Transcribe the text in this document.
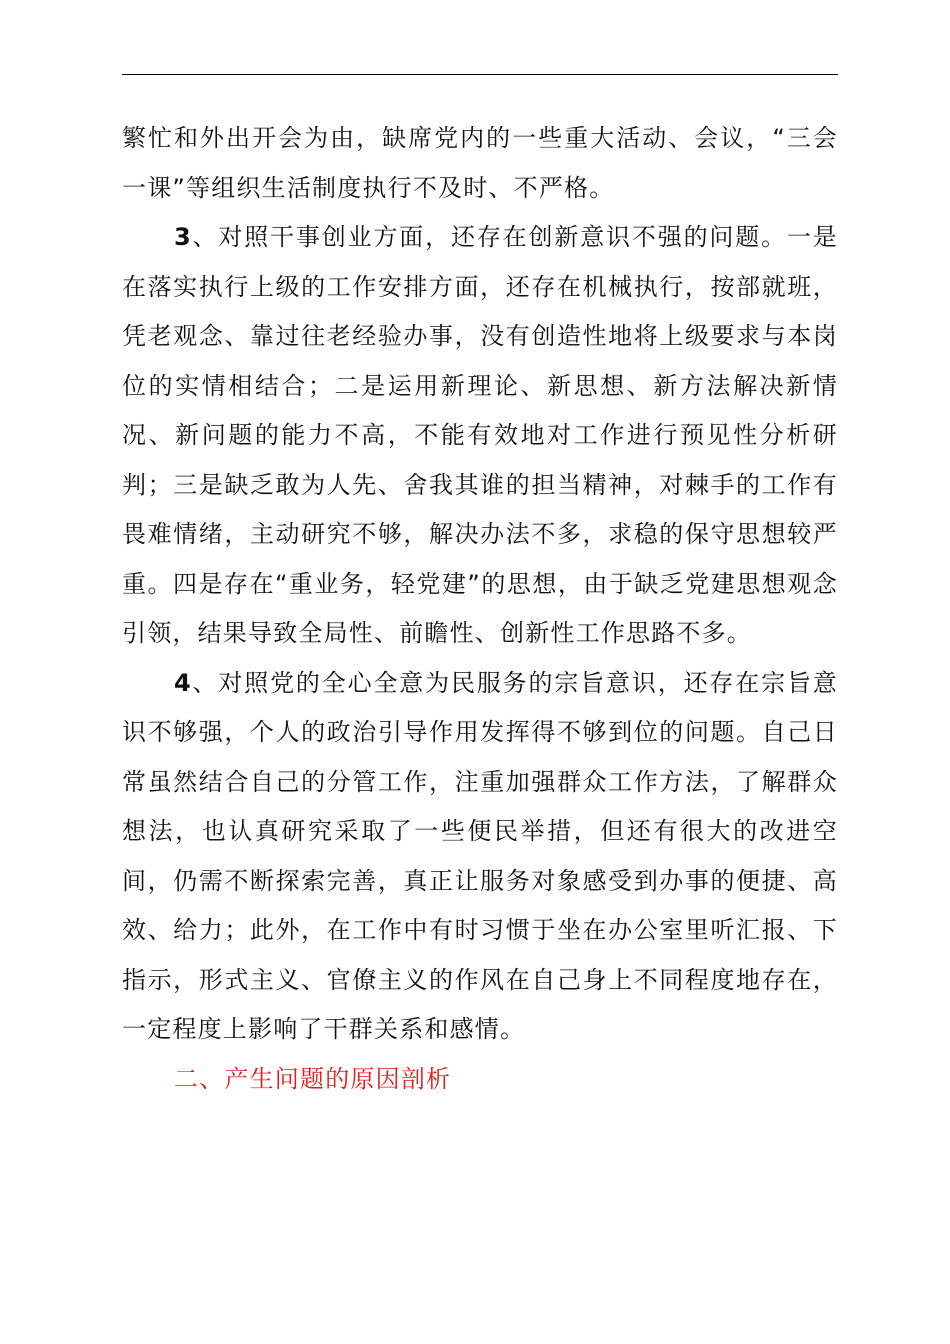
繁忙和外出开会为由，缺席党内的一些重大活动、会议，“三会一课”等组织生活制度执行不及时、不严格。

3、对照干事创业方面，还存在创新意识不强的问题。一是在落实执行上级的工作安排方面，还存在机械执行，按部就班，凭老观念、靠过往老经验办事，没有创造性地将上级要求与本岗位的实情相结合；二是运用新理论、新思想、新方法解决新情况、新问题的能力不高，不能有效地对工作进行预见性分析研判；三是缺乏敢为人先、舍我其谁的担当精神，对棘手的工作有畏难情绪，主动研究不够，解决办法不多，求稳的保守思想较严重。四是存在“重业务，轻党建”的思想，由于缺乏党建思想观念引领，结果导致全局性、前瞻性、创新性工作思路不多。

4、对照党的全心全意为民服务的宗旨意识，还存在宗旨意识不够强，个人的政治引导作用发挥得不够到位的问题。自己日常虽然结合自己的分管工作，注重加强群众工作方法，了解群众想法，也认真研究采取了一些便民举措，但还有很大的改进空间，仍需不断探索完善，真正让服务对象感受到办事的便捷、高效、给力；此外，在工作中有时习惯于坐在办公室里听汇报、下指示，形式主义、官僚主义的作风在自己身上不同程度地存在，一定程度上影响了干群关系和感情。

二、产生问题的原因剖析
